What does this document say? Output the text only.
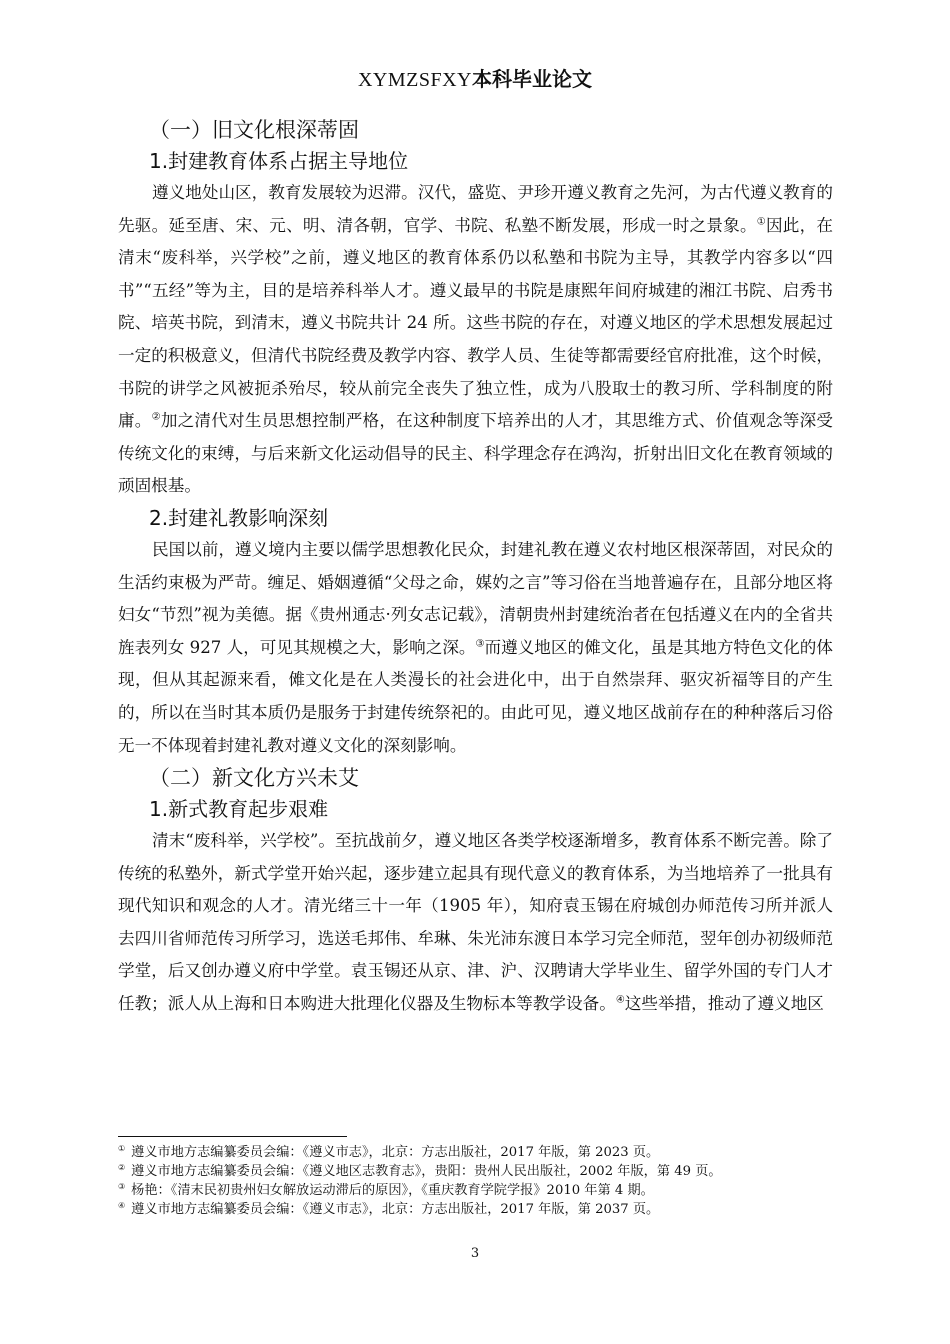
XYMZSFXY本科毕业论文
（一）旧文化根深蒂固
1.封建教育体系占据主导地位

遵义地处山区，教育发展较为迟滞。汉代，盛览、尹珍开遵义教育之先河，为古代遵义教育的先驱。延至唐、宋、元、明、清各朝，官学、书院、私塾不断发展，形成一时之景象。①因此，在清末“废科举，兴学校”之前，遵义地区的教育体系仍以私塾和书院为主导，其教学内容多以“四书”“五经”等为主，目的是培养科举人才。遵义最早的书院是康熙年间府城建的湘江书院、启秀书院、培英书院，到清末，遵义书院共计 24 所。这些书院的存在，对遵义地区的学术思想发展起过一定的积极意义，但清代书院经费及教学内容、教学人员、生徒等都需要经官府批准，这个时候，书院的讲学之风被扼杀殆尽，较从前完全丧失了独立性，成为八股取士的教习所、学科制度的附庸。②加之清代对生员思想控制严格，在这种制度下培养出的人才，其思维方式、价值观念等深受传统文化的束缚，与后来新文化运动倡导的民主、科学理念存在鸿沟，折射出旧文化在教育领域的顽固根基。

2.封建礼教影响深刻

民国以前，遵义境内主要以儒学思想教化民众，封建礼教在遵义农村地区根深蒂固，对民众的生活约束极为严苛。缠足、婚姻遵循“父母之命，媒妁之言”等习俗在当地普遍存在，且部分地区将妇女“节烈”视为美德。据《贵州通志·列女志记载》，清朝贵州封建统治者在包括遵义在内的全省共旌表列女 927 人，可见其规模之大，影响之深。③而遵义地区的傩文化，虽是其地方特色文化的体现，但从其起源来看，傩文化是在人类漫长的社会进化中，出于自然崇拜、驱灾祈福等目的产生的，所以在当时其本质仍是服务于封建传统祭祀的。由此可见，遵义地区战前存在的种种落后习俗无一不体现着封建礼教对遵义文化的深刻影响。

（二）新文化方兴未艾
1.新式教育起步艰难

清末“废科举，兴学校”。至抗战前夕，遵义地区各类学校逐渐增多，教育体系不断完善。除了传统的私塾外，新式学堂开始兴起，逐步建立起具有现代意义的教育体系，为当地培养了一批具有现代知识和观念的人才。清光绪三十一年（1905 年），知府袁玉锡在府城创办师范传习所并派人去四川省师范传习所学习，选送毛邦伟、牟琳、朱光沛东渡日本学习完全师范，翌年创办初级师范学堂，后又创办遵义府中学堂。袁玉锡还从京、津、沪、汉聘请大学毕业生、留学外国的专门人才任教；派人从上海和日本购进大批理化仪器及生物标本等教学设备。④这些举措，推动了遵义地区

① 遵义市地方志编纂委员会编：《遵义市志》，北京：方志出版社，2017 年版，第 2023 页。

② 遵义市地方志编纂委员会编：《遵义地区志教育志》，贵阳：贵州人民出版社，2002 年版，第 49 页。

③ 杨艳：《清末民初贵州妇女解放运动滞后的原因》，《重庆教育学院学报》2010 年第 4 期。

④ 遵义市地方志编纂委员会编：《遵义市志》，北京：方志出版社，2017 年版，第 2037 页。

3
